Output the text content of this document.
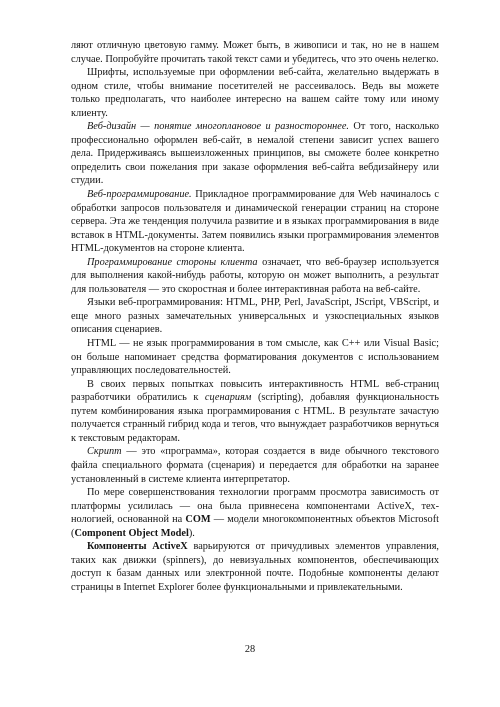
ляют отличную цветовую гамму. Может быть, в живописи и так, но не в нашем случае. Попробуйте прочитать такой текст сами и убедитесь, что это очень нелегко.

Шрифты, используемые при оформлении веб-сайта, желательно выдержать в одном стиле, чтобы внимание посетителей не рассеивалось. Ведь вы можете только предполагать, что наиболее интересно на вашем сайте тому или иному клиенту.

Веб-дизайн — понятие многоплановое и разностороннее. От того, насколько профессионально оформлен веб-сайт, в немалой степени зависит успех вашего дела. Придерживаясь вышеизложенных принципов, вы сможете более конкретно определить свои пожелания при заказе оформления веб-сайта вебдизайнеру или студии.

Веб-программирование. Прикладное программирование для Web начиналось с обработки запросов пользователя и динамической генерации страниц на стороне сервера. Эта же тенденция получила развитие и в языках программирования в виде вставок в HTML-документы. Затем появились языки программирования элементов HTML-документов на стороне клиента.

Программирование стороны клиента означает, что веб-браузер используется для выполнения какой-нибудь работы, которую он может выполнить, а результат для пользователя — это скоростная и более интерактивная работа на веб-сайте.

Языки веб-программирования: HTML, PHP, Perl, JavaScript, JScript, VBScript, и еще много разных замечательных универсальных и узкоспециальных языков описания сценариев.

HTML — не язык программирования в том смысле, как С++ или Visual Basic; он больше напоминает средства форматирования документов с использованием управляющих последовательностей.

В своих первых попытках повысить интерактивность HTML веб-страниц разработчики обратились к сценариям (scripting), добавляя функциональность путем комбинирования языка программирования с HTML. В результате зачастую получается странный гибрид кода и тегов, что вынуждает разработчиков вернуться к текстовым редакторам.

Скрипт — это «программа», которая создается в виде обычного текстового файла специального формата (сценария) и передается для обработки на заранее установленный в системе клиента интерпретатор.

По мере совершенствования технологии программ просмотра зависимость от платформы усилилась — она была привнесена компонентами ActiveX, технологией, основанной на COM — модели многокомпонентных объектов Microsoft (Component Object Model).

Компоненты ActiveX варьируются от причудливых элементов управления, таких как движки (spinners), до невизуальных компонентов, обеспечивающих доступ к базам данных или электронной почте. Подобные компоненты делают страницы в Internet Explorer более функциональными и привлекательными.

28
